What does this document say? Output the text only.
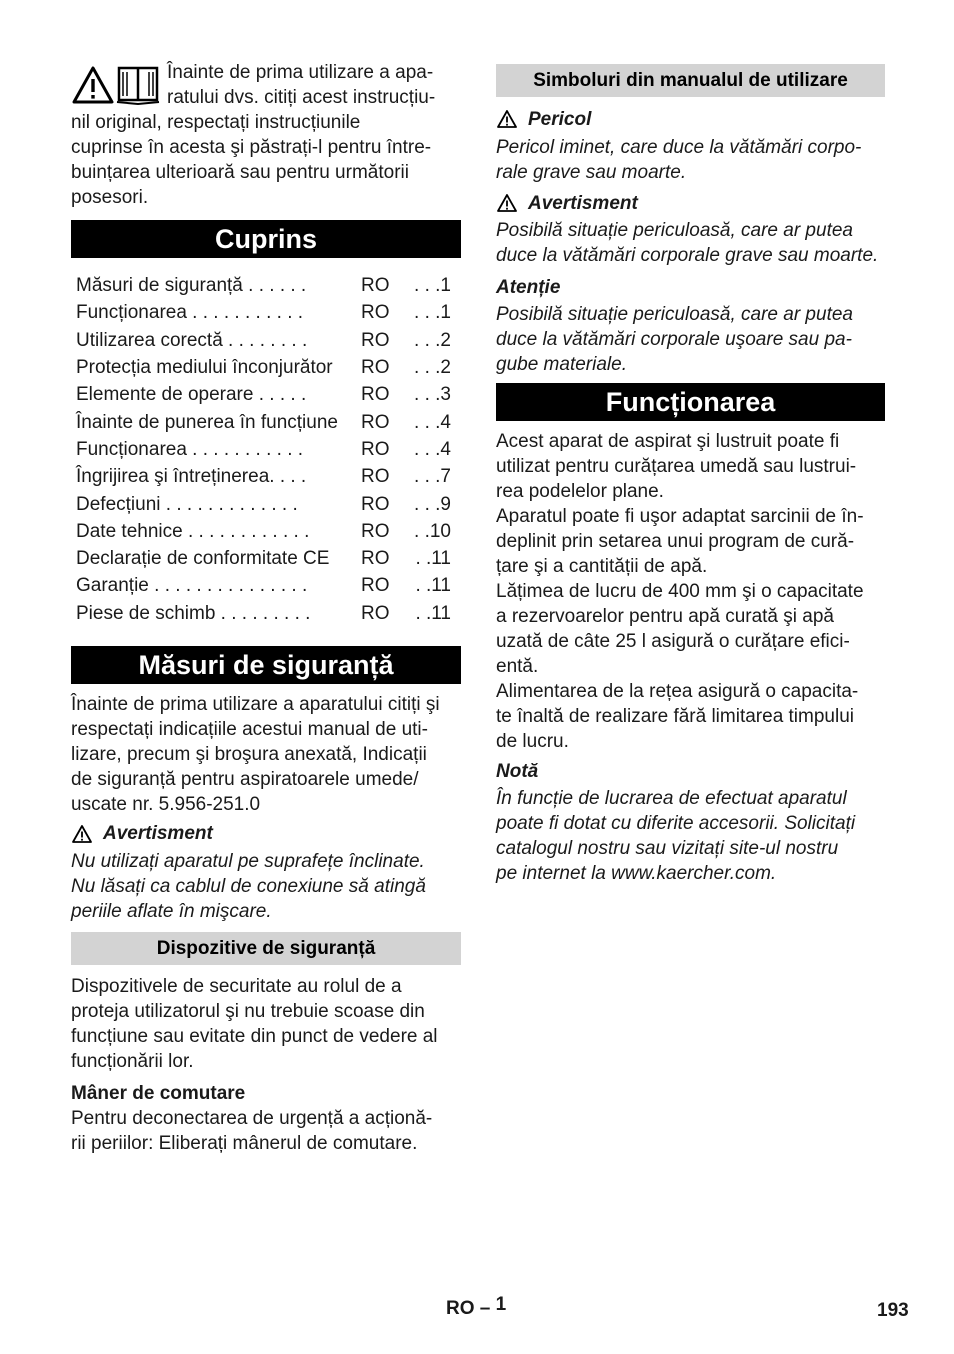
Înainte de prima utilizare a apa-

ratului dvs. citiți acest instrucțiu-

nil original, respectați instrucțiunile

cuprinse în acesta şi păstrați-l pentru între-

buințarea ulterioară sau pentru următorii

posesori.

Cuprins
Măsuri de siguranță . . . . . .	RO	. . .1
Funcționarea . . . . . . . . . . .	RO	. . .1
Utilizarea corectă . . . . . . . .	RO	. . .2
Protecția mediului înconjurător	RO	. . .2
Elemente de operare . . . . .	RO	. . .3
Înainte de punerea în funcțiune	RO	. . .4
Funcționarea . . . . . . . . . . .	RO	. . .4
Îngrijirea şi întreținerea. . . .	RO	. . .7
Defecțiuni . . . . . . . . . . . . .	RO	. . .9
Date tehnice . . . . . . . . . . . .	RO	. .10
Declarație de conformitate CE	RO	. .11
Garanție . . . . . . . . . . . . . . .	RO	. .11
Piese de schimb . . . . . . . . .	RO	. .11
Măsuri de siguranță

Înainte de prima utilizare a aparatului citiți şi

respectați indicațiile acestui manual de uti-

lizare, precum şi broşura anexată, Indicații

de siguranță pentru aspiratoarele umede/

uscate nr. 5.956-251.0

Avertisment

Nu utilizați aparatul pe suprafețe înclinate.

Nu lăsați ca cablul de conexiune să atingă

periile aflate în mişcare.

Dispozitive de siguranță

Dispozitivele de securitate au rolul de a

proteja utilizatorul şi nu trebuie scoase din

funcțiune sau evitate din punct de vedere al

funcționării lor.

Mâner de comutare

Pentru deconectarea de urgență a acționă-

rii periilor: Eliberați mânerul de comutare.

Simboluri din manualul de utilizare
Pericol

Pericol iminet, care duce la vătămări corpo-

rale grave sau moarte.

Avertisment

Posibilă situație periculoasă, care ar putea

duce la vătămări corporale grave sau moarte.

Atenție

Posibilă situație periculoasă, care ar putea

duce la vătămări corporale uşoare sau pa-

gube materiale.

Funcționarea

Acest aparat de aspirat şi lustruit poate fi

utilizat pentru curățarea umedă sau lustrui-

rea podelelor plane.

Aparatul poate fi uşor adaptat sarcinii de în-

deplinit prin setarea unui program de cură-

țare şi a cantității de apă.

Lățimea de lucru de 400 mm şi o capacitate

a rezervoarelor pentru apă curată şi apă

uzată de câte 25 l asigură o curățare efici-

entă.

Alimentarea de la rețea asigură o capacita-

te înaltă de realizare fără limitarea timpului

de lucru.

Notă

În funcție de lucrarea de efectuat aparatul

poate fi dotat cu diferite accesorii. Solicitați

catalogul nostru sau vizitați site-ul nostru

pe internet la www.kaercher.com.

RO – 1	193
